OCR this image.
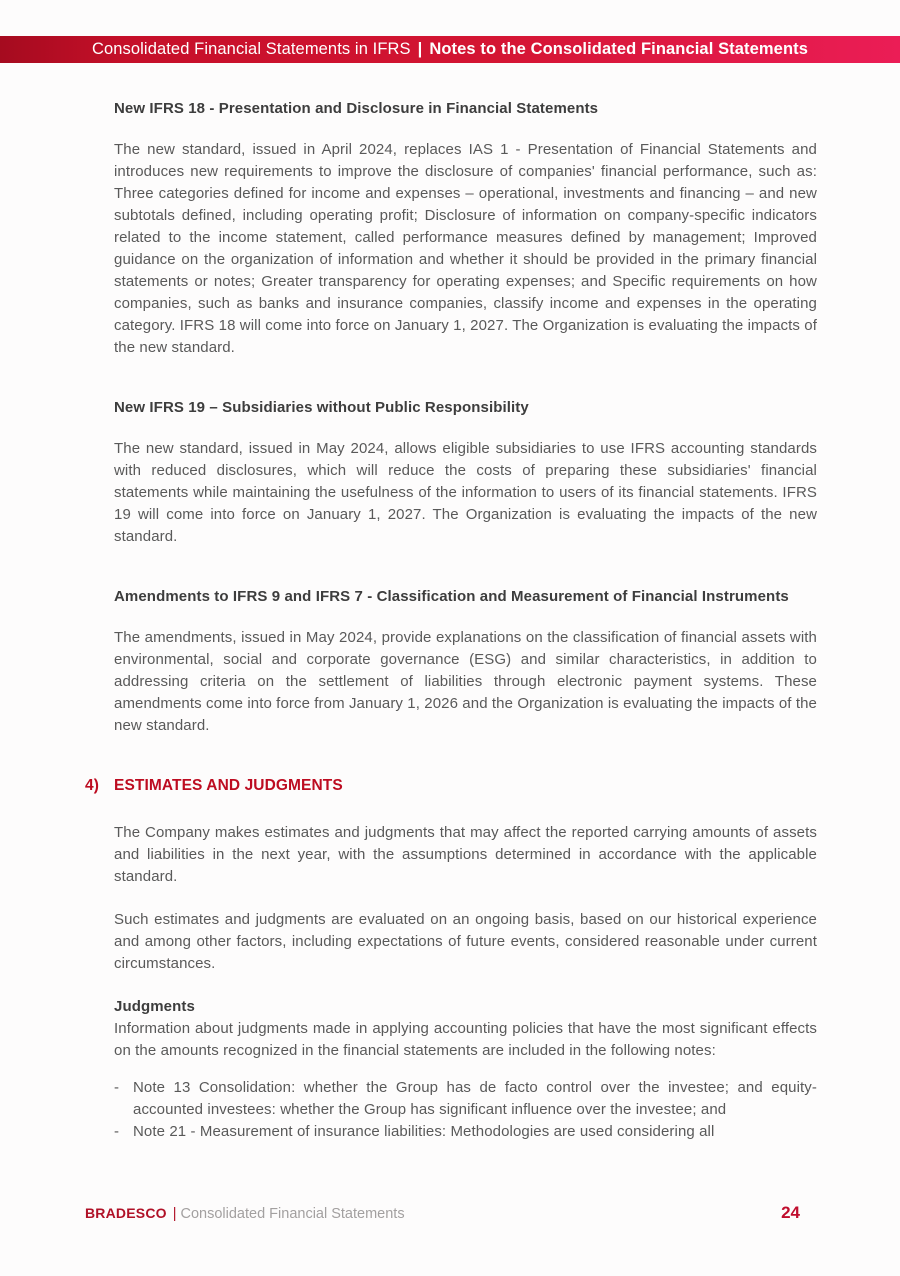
Consolidated Financial Statements in IFRS | Notes to the Consolidated Financial Statements
New IFRS 18 - Presentation and Disclosure in Financial Statements

The new standard, issued in April 2024, replaces IAS 1 - Presentation of Financial Statements and introduces new requirements to improve the disclosure of companies' financial performance, such as: Three categories defined for income and expenses – operational, investments and financing – and new subtotals defined, including operating profit; Disclosure of information on company-specific indicators related to the income statement, called performance measures defined by management; Improved guidance on the organization of information and whether it should be provided in the primary financial statements or notes; Greater transparency for operating expenses; and Specific requirements on how companies, such as banks and insurance companies, classify income and expenses in the operating category. IFRS 18 will come into force on January 1, 2027. The Organization is evaluating the impacts of the new standard.

New IFRS 19 – Subsidiaries without Public Responsibility

The new standard, issued in May 2024, allows eligible subsidiaries to use IFRS accounting standards with reduced disclosures, which will reduce the costs of preparing these subsidiaries' financial statements while maintaining the usefulness of the information to users of its financial statements. IFRS 19 will come into force on January 1, 2027. The Organization is evaluating the impacts of the new standard.

Amendments to IFRS 9 and IFRS 7 - Classification and Measurement of Financial Instruments

The amendments, issued in May 2024, provide explanations on the classification of financial assets with environmental, social and corporate governance (ESG) and similar characteristics, in addition to addressing criteria on the settlement of liabilities through electronic payment systems. These amendments come into force from January 1, 2026 and the Organization is evaluating the impacts of the new standard.

4) ESTIMATES AND JUDGMENTS

The Company makes estimates and judgments that may affect the reported carrying amounts of assets and liabilities in the next year, with the assumptions determined in accordance with the applicable standard.

Such estimates and judgments are evaluated on an ongoing basis, based on our historical experience and among other factors, including expectations of future events, considered reasonable under current circumstances.

Judgments

Information about judgments made in applying accounting policies that have the most significant effects on the amounts recognized in the financial statements are included in the following notes:

- Note 13 Consolidation: whether the Group has de facto control over the investee; and equity-accounted investees: whether the Group has significant influence over the investee; and
- Note 21 - Measurement of insurance liabilities: Methodologies are used considering all
BRADESCO | Consolidated Financial Statements	24
